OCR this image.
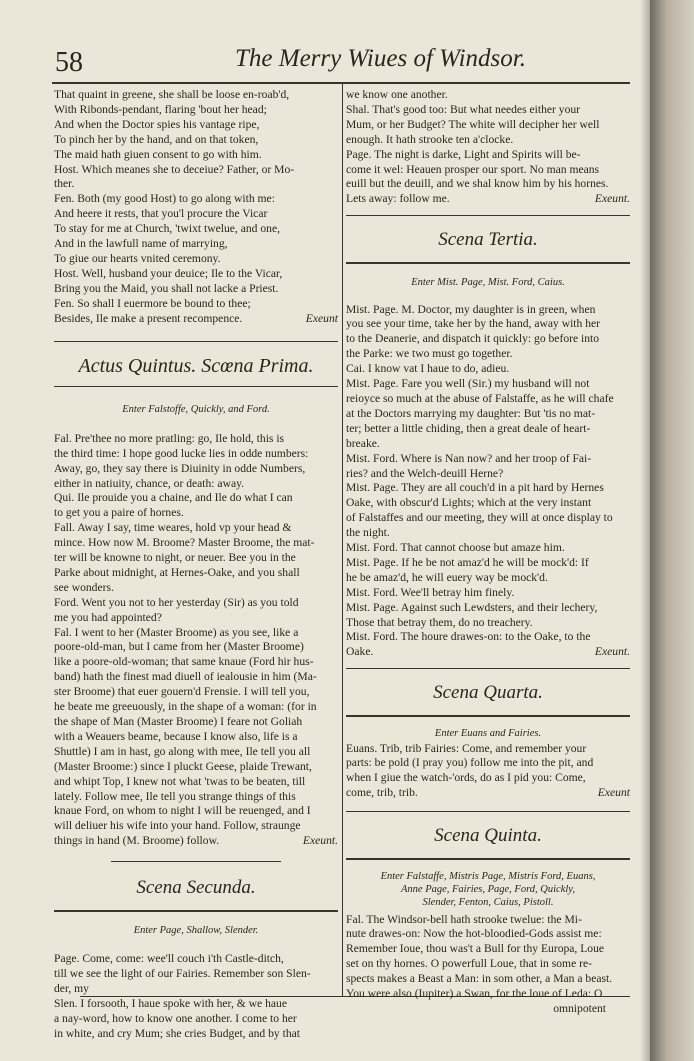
58	The Merry Wiues of Windsor.

That quaint in greene, she shall be loose en-roab'd,

With Ribonds-pendant, flaring 'bout her head;

And when the Doctor spies his vantage ripe,

To pinch her by the hand, and on that token,

The maid hath giuen consent to go with him.

Host. Which meanes she to deceiue? Father, or Mo-

ther.

Fen. Both (my good Host) to go along with me:

And heere it rests, that you'l procure the Vicar

To stay for me at Church, 'twixt twelue, and one,

And in the lawfull name of marrying,

To giue our hearts vnited ceremony.

Host. Well, husband your deuice; Ile to the Vicar,

Bring you the Maid, you shall not lacke a Priest.

Fen. So shall I euermore be bound to thee;

Besides, Ile make a present recompence.	Exeunt

Actus Quintus. Scœna Prima.

Enter Falstoffe, Quickly, and Ford.

Fal. Pre'thee no more pratling: go, Ile hold, this is

the third time: I hope good lucke lies in odde numbers:

Away, go, they say there is Diuinity in odde Numbers,

either in natiuity, chance, or death: away.

Qui. Ile prouide you a chaine, and Ile do what I can

to get you a paire of hornes.

Fall. Away I say, time weares, hold vp your head &

mince. How now M. Broome? Master Broome, the mat-

ter will be knowne to night, or neuer. Bee you in the

Parke about midnight, at Hernes-Oake, and you shall

see wonders.

Ford. Went you not to her yesterday (Sir) as you told

me you had appointed?

Fal. I went to her (Master Broome) as you see, like a

poore-old-man, but I came from her (Master Broome)

like a poore-old-woman; that same knaue (Ford hir hus-

band) hath the finest mad diuell of iealousie in him (Ma-

ster Broome) that euer gouern'd Frensie. I will tell you,

he beate me greeuously, in the shape of a woman: (for in

the shape of Man (Master Broome) I feare not Goliah

with a Weauers beame, because I know also, life is a

Shuttle) I am in hast, go along with mee, Ile tell you all

(Master Broome:) since I pluckt Geese, plaide Trewant,

and whipt Top, I knew not what 'twas to be beaten, till

lately. Follow mee, Ile tell you strange things of this

knaue Ford, on whom to night I will be reuenged, and I

will deliuer his wife into your hand. Follow, straunge

things in hand (M. Broome) follow.	Exeunt.

Scena Secunda.

Enter Page, Shallow, Slender.

Page. Come, come: wee'll couch i'th Castle-ditch,

till we see the light of our Fairies. Remember son Slen-

der, my

Slen. I forsooth, I haue spoke with her, & we haue

a nay-word, how to know one another. I come to her

in white, and cry Mum; she cries Budget, and by that

we know one another.

Shal. That's good too: But what needes either your

Mum, or her Budget? The white will decipher her well

enough. It hath strooke ten a'clocke.

Page. The night is darke, Light and Spirits will be-

come it wel: Heauen prosper our sport. No man means

euill but the deuill, and we shal know him by his hornes.

Lets away: follow me.	Exeunt.

Scena Tertia.

Enter Mist. Page, Mist. Ford, Caius.

Mist. Page. M. Doctor, my daughter is in green, when

you see your time, take her by the hand, away with her

to the Deanerie, and dispatch it quickly: go before into

the Parke: we two must go together.

Cai. I know vat I haue to do, adieu.

Mist. Page. Fare you well (Sir.) my husband will not

reioyce so much at the abuse of Falstaffe, as he will chafe

at the Doctors marrying my daughter: But 'tis no mat-

ter; better a little chiding, then a great deale of heart-

breake.

Mist. Ford. Where is Nan now? and her troop of Fai-

ries? and the Welch-deuill Herne?

Mist. Page. They are all couch'd in a pit hard by Hernes

Oake, with obscur'd Lights; which at the very instant

of Falstaffes and our meeting, they will at once display to

the night.

Mist. Ford. That cannot choose but amaze him.

Mist. Page. If he be not amaz'd he will be mock'd: If

he be amaz'd, he will euery way be mock'd.

Mist. Ford. Wee'll betray him finely.

Mist. Page. Against such Lewdsters, and their lechery,

Those that betray them, do no treachery.

Mist. Ford. The houre drawes-on: to the Oake, to the

Oake.	Exeunt.

Scena Quarta.

Enter Euans and Fairies.

Euans. Trib, trib Fairies: Come, and remember your

parts: be pold (I pray you) follow me into the pit, and

when I giue the watch-'ords, do as I pid you: Come,

come, trib, trib.	Exeunt

Scena Quinta.

Enter Falstaffe, Mistris Page, Mistris Ford, Euans,

Anne Page, Fairies, Page, Ford, Quickly,

Slender, Fenton, Caius, Pistoll.

Fal. The Windsor-bell hath strooke twelue: the Mi-

nute drawes-on: Now the hot-bloodied-Gods assist me:

Remember Ioue, thou was't a Bull for thy Europa, Loue

set on thy hornes. O powerfull Loue, that in some re-

spects makes a Beast a Man: in som other, a Man a beast.

You were also (Iupiter) a Swan, for the loue of Leda: O

omnipotent
